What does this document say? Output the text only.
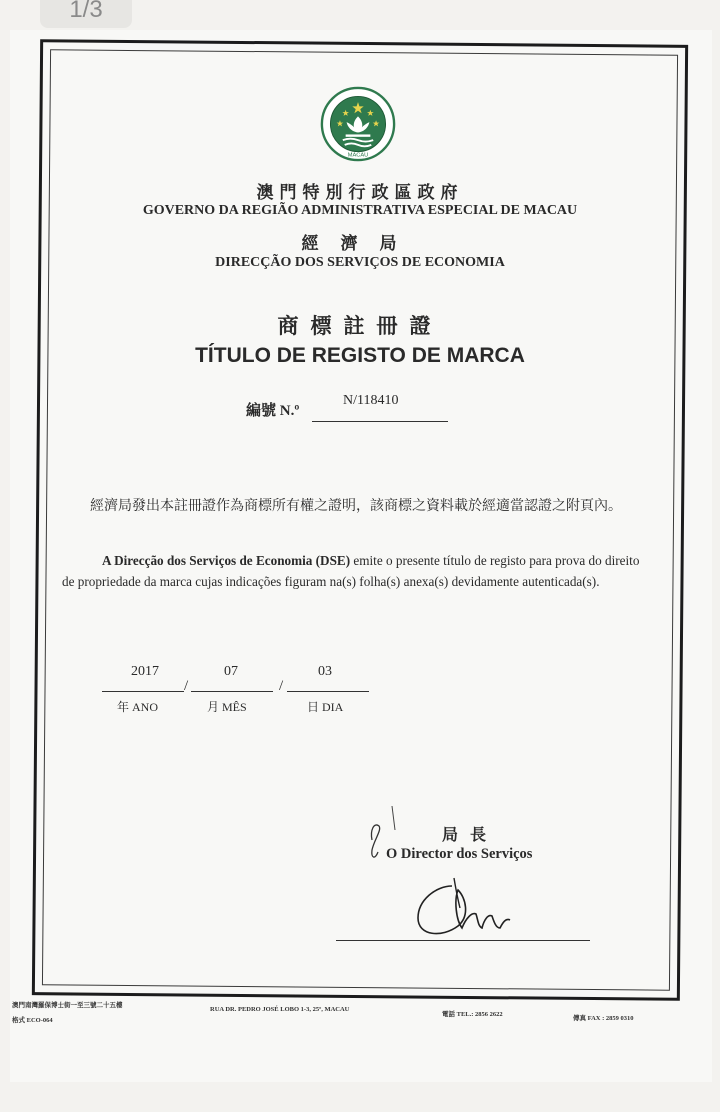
1/3
MACAU
澳門特別行政區政府
GOVERNO DA REGIÃO ADMINISTRATIVA ESPECIAL DE MACAU
經濟局
DIRECÇÃO DOS SERVIÇOS DE ECONOMIA
商標註冊證
TÍTULO DE REGISTO DE MARCA
編號 N.º
N/118410
經濟局發出本註冊證作為商標所有權之證明，該商標之資料載於經適當認證之附頁內。
A Direcção dos Serviços de Economia (DSE) emite o presente título de registo para prova do direito de propriedade da marca cujas indicações figuram na(s) folha(s) anexa(s) devidamente autenticada(s).
2017
/
07
/
03
年 ANO	月 MÊS	日 DIA
局長
O Director dos Serviços
澳門南灣羅保博士街一至三號二十五樓
格式 ECO-064
RUA DR. PEDRO JOSÉ LOBO 1-3, 25º, MACAU
電話 TEL.: 2856 2622
傳真 FAX : 2859 0310
